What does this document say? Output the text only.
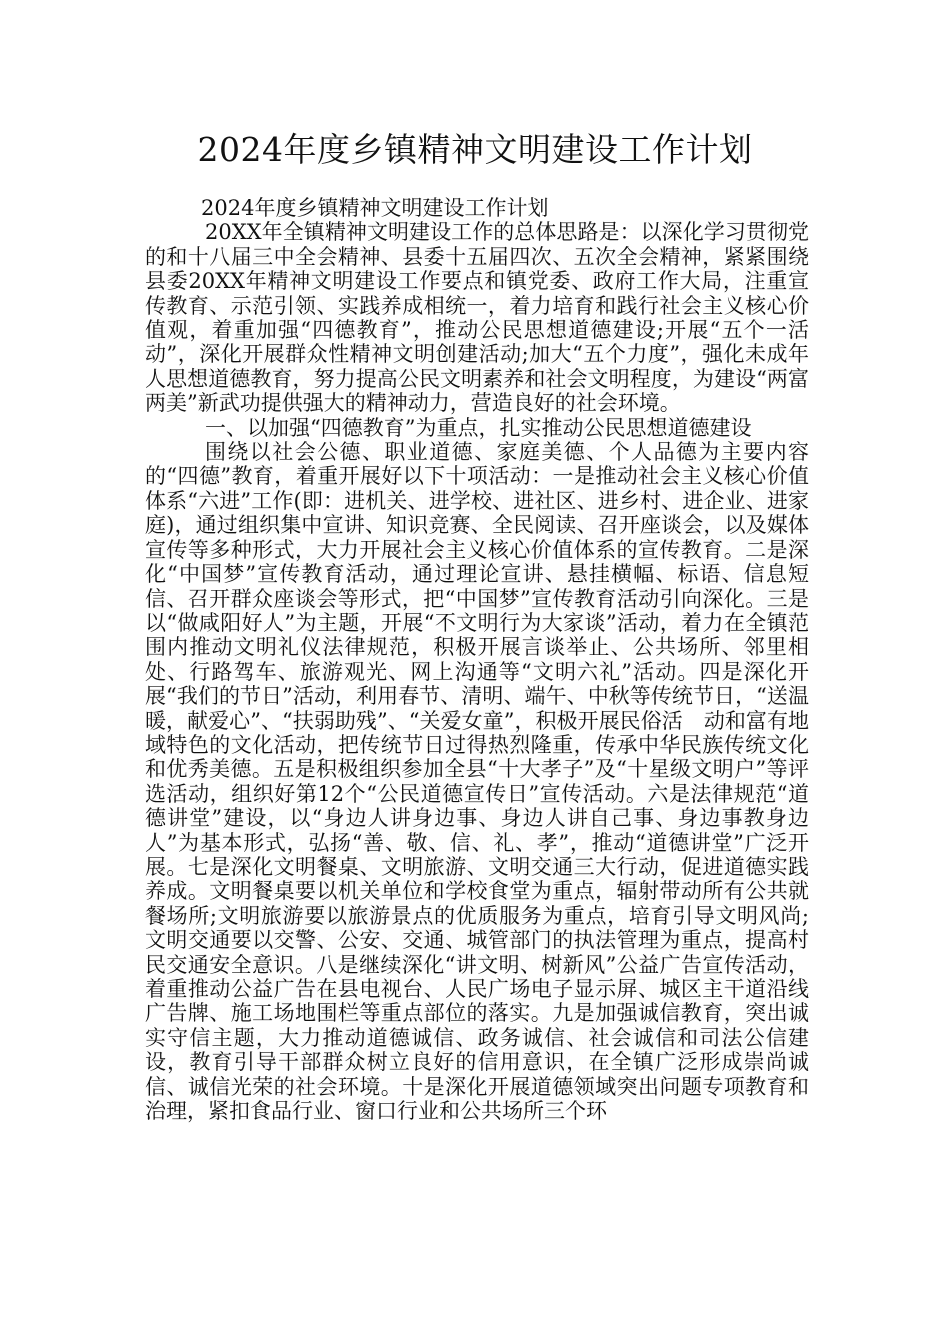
2024年度乡镇精神文明建设工作计划

2024年度乡镇精神文明建设工作计划

20XX年全镇精神文明建设工作的总体思路是：以深化学习贯彻党的和十八届三中全会精神、县委十五届四次、五次全会精神，紧紧围绕县委20XX年精神文明建设工作要点和镇党委、政府工作大局，注重宣传教育、示范引领、实践养成相统一，着力培育和践行社会主义核心价值观，着重加强“四德教育”，推动公民思想道德建设;开展“五个一活动”，深化开展群众性精神文明创建活动;加大“五个力度”，强化未成年人思想道德教育，努力提高公民文明素养和社会文明程度，为建设“两富两美”新武功提供强大的精神动力，营造良好的社会环境。

一、以加强“四德教育”为重点，扎实推动公民思想道德建设

围绕以社会公德、职业道德、家庭美德、个人品德为主要内容的“四德”教育，着重开展好以下十项活动：一是推动社会主义核心价值体系“六进”工作(即：进机关、进学校、进社区、进乡村、进企业、进家庭)，通过组织集中宣讲、知识竞赛、全民阅读、召开座谈会，以及媒体宣传等多种形式，大力开展社会主义核心价值体系的宣传教育。二是深化“中国梦”宣传教育活动，通过理论宣讲、悬挂横幅、标语、信息短信、召开群众座谈会等形式，把“中国梦”宣传教育活动引向深化。三是以“做咸阳好人”为主题，开展“不文明行为大家谈”活动，着力在全镇范围内推动文明礼仪法律规范，积极开展言谈举止、公共场所、邻里相处、行路驾车、旅游观光、网上沟通等“文明六礼”活动。四是深化开展“我们的节日”活动，利用春节、清明、端午、中秋等传统节日，“送温暖，献爱心”、“扶弱助残”、“关爱女童”，积极开展民俗活　动和富有地域特色的文化活动，把传统节日过得热烈隆重，传承中华民族传统文化和优秀美德。五是积极组织参加全县“十大孝子”及“十星级文明户”等评选活动，组织好第12个“公民道德宣传日”宣传活动。六是法律规范“道德讲堂”建设，以“身边人讲身边事、身边人讲自己事、身边事教身边人”为基本形式，弘扬“善、敬、信、礼、孝”，推动“道德讲堂”广泛开展。七是深化文明餐桌、文明旅游、文明交通三大行动，促进道德实践养成。文明餐桌要以机关单位和学校食堂为重点，辐射带动所有公共就餐场所;文明旅游要以旅游景点的优质服务为重点，培育引导文明风尚;文明交通要以交警、公安、交通、城管部门的执法管理为重点，提高村民交通安全意识。八是继续深化“讲文明、树新风”公益广告宣传活动，着重推动公益广告在县电视台、人民广场电子显示屏、城区主干道沿线广告牌、施工场地围栏等重点部位的落实。九是加强诚信教育，突出诚实守信主题，大力推动道德诚信、政务诚信、社会诚信和司法公信建设，教育引导干部群众树立良好的信用意识，在全镇广泛形成崇尚诚信、诚信光荣的社会环境。十是深化开展道德领域突出问题专项教育和治理，紧扣食品行业、窗口行业和公共场所三个环
